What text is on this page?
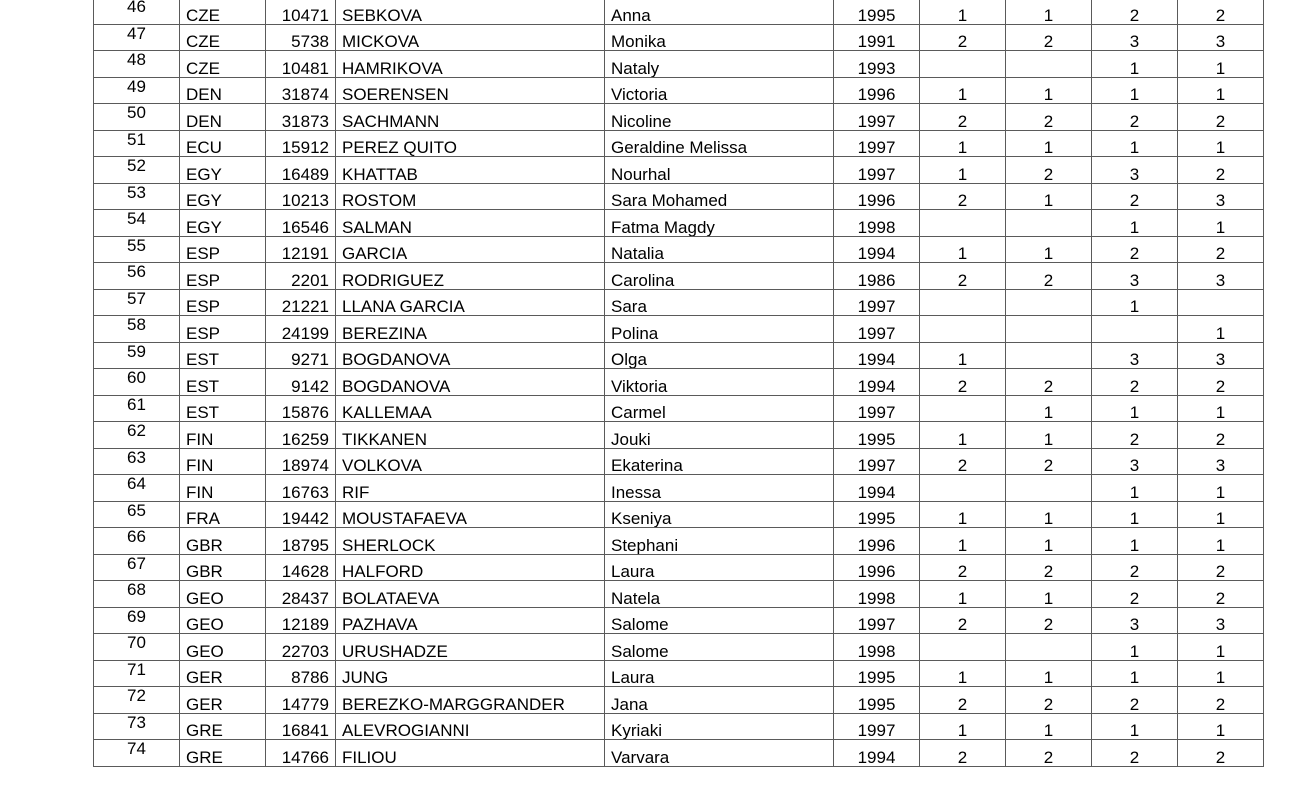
46	CZE	10471	SEBKOVA	Anna	1995	1	1	2	2
47	CZE	5738	MICKOVA	Monika	1991	2	2	3	3
48	CZE	10481	HAMRIKOVA	Nataly	1993			1	1
49	DEN	31874	SOERENSEN	Victoria	1996	1	1	1	1
50	DEN	31873	SACHMANN	Nicoline	1997	2	2	2	2
51	ECU	15912	PEREZ QUITO	Geraldine Melissa	1997	1	1	1	1
52	EGY	16489	KHATTAB	Nourhal	1997	1	2	3	2
53	EGY	10213	ROSTOM	Sara Mohamed	1996	2	1	2	3
54	EGY	16546	SALMAN	Fatma Magdy	1998			1	1
55	ESP	12191	GARCIA	Natalia	1994	1	1	2	2
56	ESP	2201	RODRIGUEZ	Carolina	1986	2	2	3	3
57	ESP	21221	LLANA GARCIA	Sara	1997			1	
58	ESP	24199	BEREZINA	Polina	1997				1
59	EST	9271	BOGDANOVA	Olga	1994	1		3	3
60	EST	9142	BOGDANOVA	Viktoria	1994	2	2	2	2
61	EST	15876	KALLEMAA	Carmel	1997		1	1	1
62	FIN	16259	TIKKANEN	Jouki	1995	1	1	2	2
63	FIN	18974	VOLKOVA	Ekaterina	1997	2	2	3	3
64	FIN	16763	RIF	Inessa	1994			1	1
65	FRA	19442	MOUSTAFAEVA	Kseniya	1995	1	1	1	1
66	GBR	18795	SHERLOCK	Stephani	1996	1	1	1	1
67	GBR	14628	HALFORD	Laura	1996	2	2	2	2
68	GEO	28437	BOLATAEVA	Natela	1998	1	1	2	2
69	GEO	12189	PAZHAVA	Salome	1997	2	2	3	3
70	GEO	22703	URUSHADZE	Salome	1998			1	1
71	GER	8786	JUNG	Laura	1995	1	1	1	1
72	GER	14779	BEREZKO-MARGGRANDER	Jana	1995	2	2	2	2
73	GRE	16841	ALEVROGIANNI	Kyriaki	1997	1	1	1	1
74	GRE	14766	FILIOU	Varvara	1994	2	2	2	2
